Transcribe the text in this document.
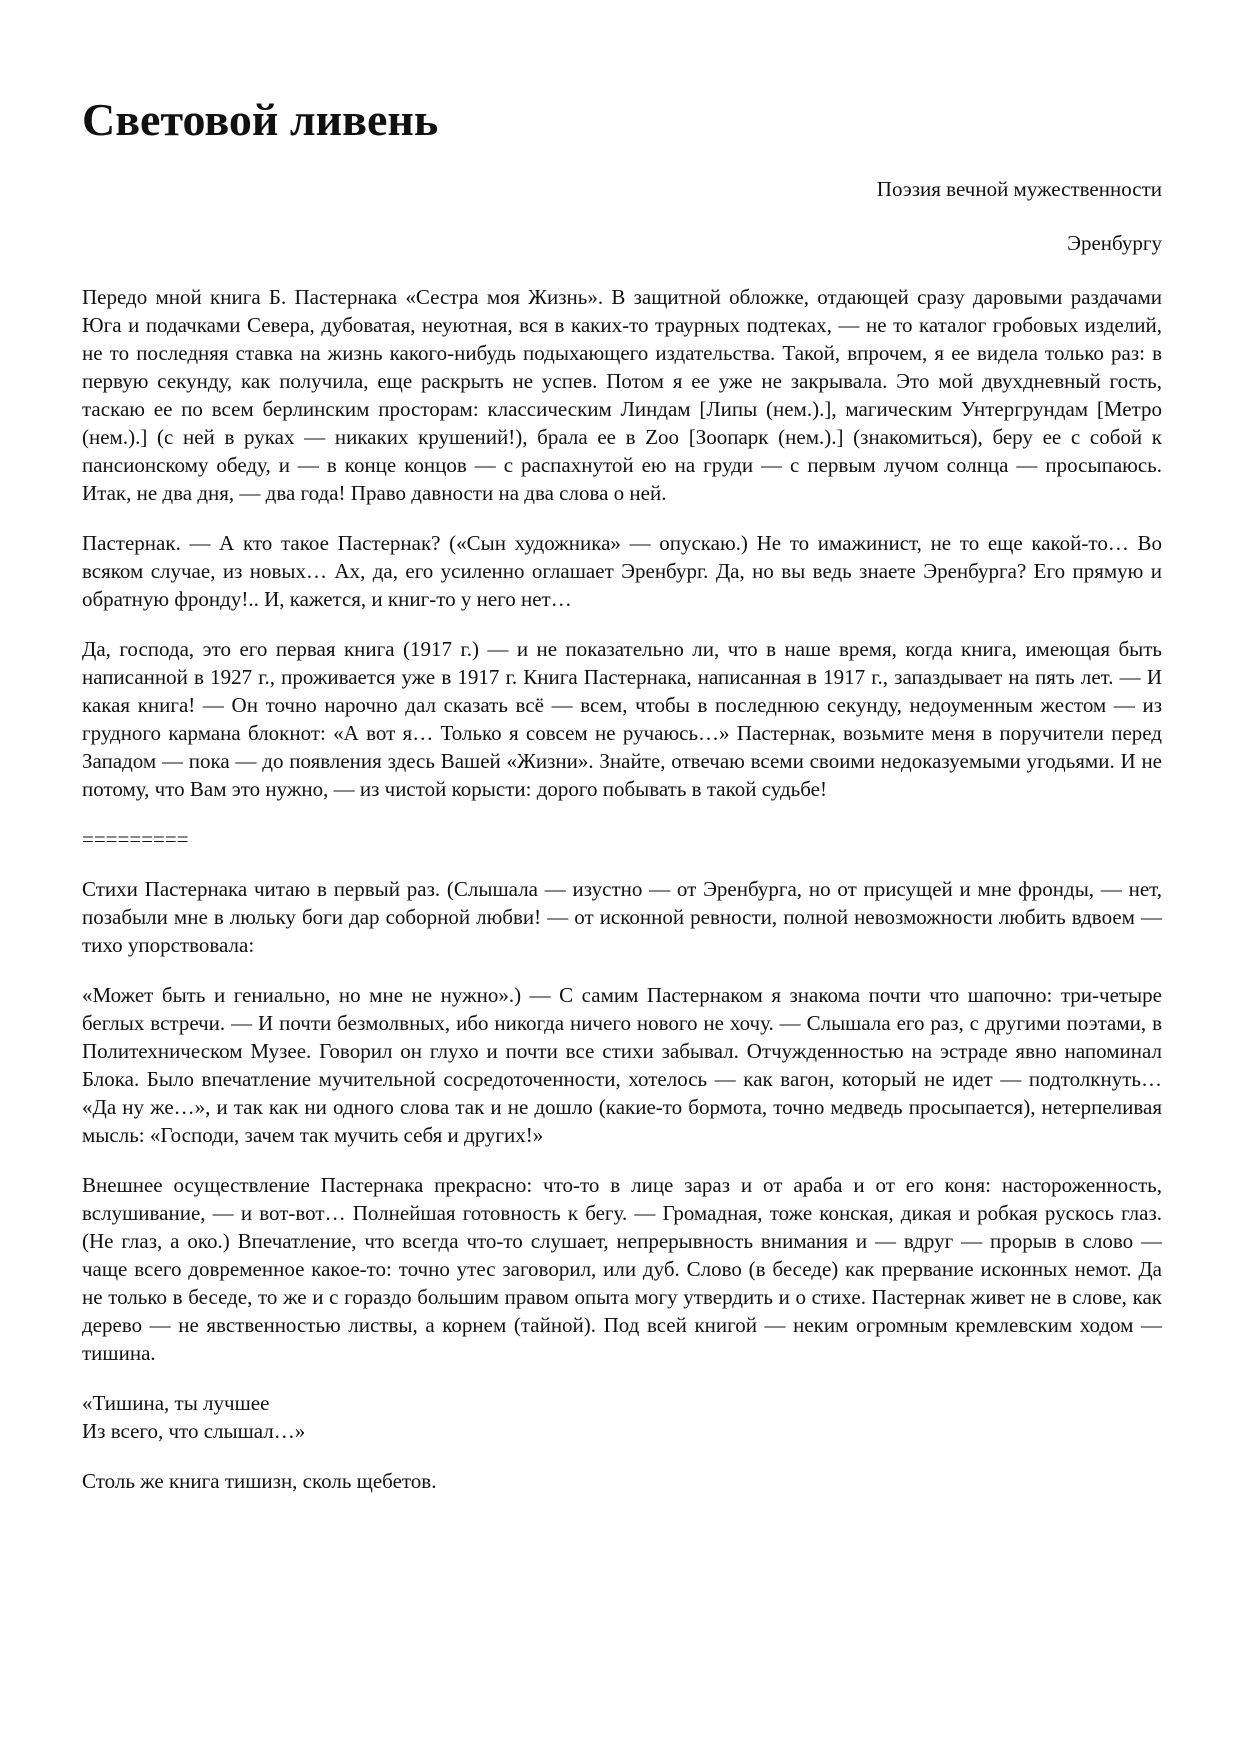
Световой ливень
Поэзия вечной мужественности
Эренбургу

Передо мной книга Б. Пастернака «Сестра моя Жизнь». В защитной обложке, отдающей сразу даровыми раздачами Юга и подачками Севера, дубоватая, неуютная, вся в каких-то траурных подтеках, — не то каталог гробовых изделий, не то последняя ставка на жизнь какого-нибудь подыхающего издательства. Такой, впрочем, я ее видела только раз: в первую секунду, как получила, еще раскрыть не успев. Потом я ее уже не закрывала. Это мой двухдневный гость, таскаю ее по всем берлинским просторам: классическим Линдам [Липы (нем.).], магическим Унтергрундам [Метро (нем.).] (с ней в руках — никаких крушений!), брала ее в Zoo [Зоопарк (нем.).] (знакомиться), беру ее с собой к пансионскому обеду, и — в конце концов — с распахнутой ею на груди — с первым лучом солнца — просыпаюсь. Итак, не два дня, — два года! Право давности на два слова о ней.

Пастернак. — А кто такое Пастернак? («Сын художника» — опускаю.) Не то имажинист, не то еще какой-то… Во всяком случае, из новых… Ах, да, его усиленно оглашает Эренбург. Да, но вы ведь знаете Эренбурга? Его прямую и обратную фронду!.. И, кажется, и книг-то у него нет…

Да, господа, это его первая книга (1917 г.) — и не показательно ли, что в наше время, когда книга, имеющая быть написанной в 1927 г., проживается уже в 1917 г. Книга Пастернака, написанная в 1917 г., запаздывает на пять лет. — И какая книга! — Он точно нарочно дал сказать всё — всем, чтобы в последнюю секунду, недоуменным жестом — из грудного кармана блокнот: «А вот я… Только я совсем не ручаюсь…» Пастернак, возьмите меня в поручители перед Западом — пока — до появления здесь Вашей «Жизни». Знайте, отвечаю всеми своими недоказуемыми угодьями. И не потому, что Вам это нужно, — из чистой корысти: дорого побывать в такой судьбе!

=========

Стихи Пастернака читаю в первый раз. (Слышала — изустно — от Эренбурга, но от присущей и мне фронды, — нет, позабыли мне в люльку боги дар соборной любви! — от исконной ревности, полной невозможности любить вдвоем — тихо упорствовала:

«Может быть и гениально, но мне не нужно».) — С самим Пастернаком я знакома почти что шапочно: три-четыре беглых встречи. — И почти безмолвных, ибо никогда ничего нового не хочу. — Слышала его раз, с другими поэтами, в Политехническом Музее. Говорил он глухо и почти все стихи забывал. Отчужденностью на эстраде явно напоминал Блока. Было впечатление мучительной сосредоточенности, хотелось — как вагон, который не идет — подтолкнуть… «Да ну же…», и так как ни одного слова так и не дошло (какие-то бормота, точно медведь просыпается), нетерпеливая мысль: «Господи, зачем так мучить себя и других!»

Внешнее осуществление Пастернака прекрасно: что-то в лице зараз и от араба и от его коня: настороженность, вслушивание, — и вот-вот… Полнейшая готовность к бегу. — Громадная, тоже конская, дикая и робкая рускось глаз. (Не глаз, а око.) Впечатление, что всегда что-то слушает, непрерывность внимания и — вдруг — прорыв в слово — чаще всего довременное какое-то: точно утес заговорил, или дуб. Слово (в беседе) как прервание исконных немот. Да не только в беседе, то же и с гораздо большим правом опыта могу утвердить и о стихе. Пастернак живет не в слове, как дерево — не явственностью листвы, а корнем (тайной). Под всей книгой — неким огромным кремлевским ходом — тишина.

«Тишина, ты лучшее
Из всего, что слышал…»

Столь же книга тишизн, сколь щебетов.
